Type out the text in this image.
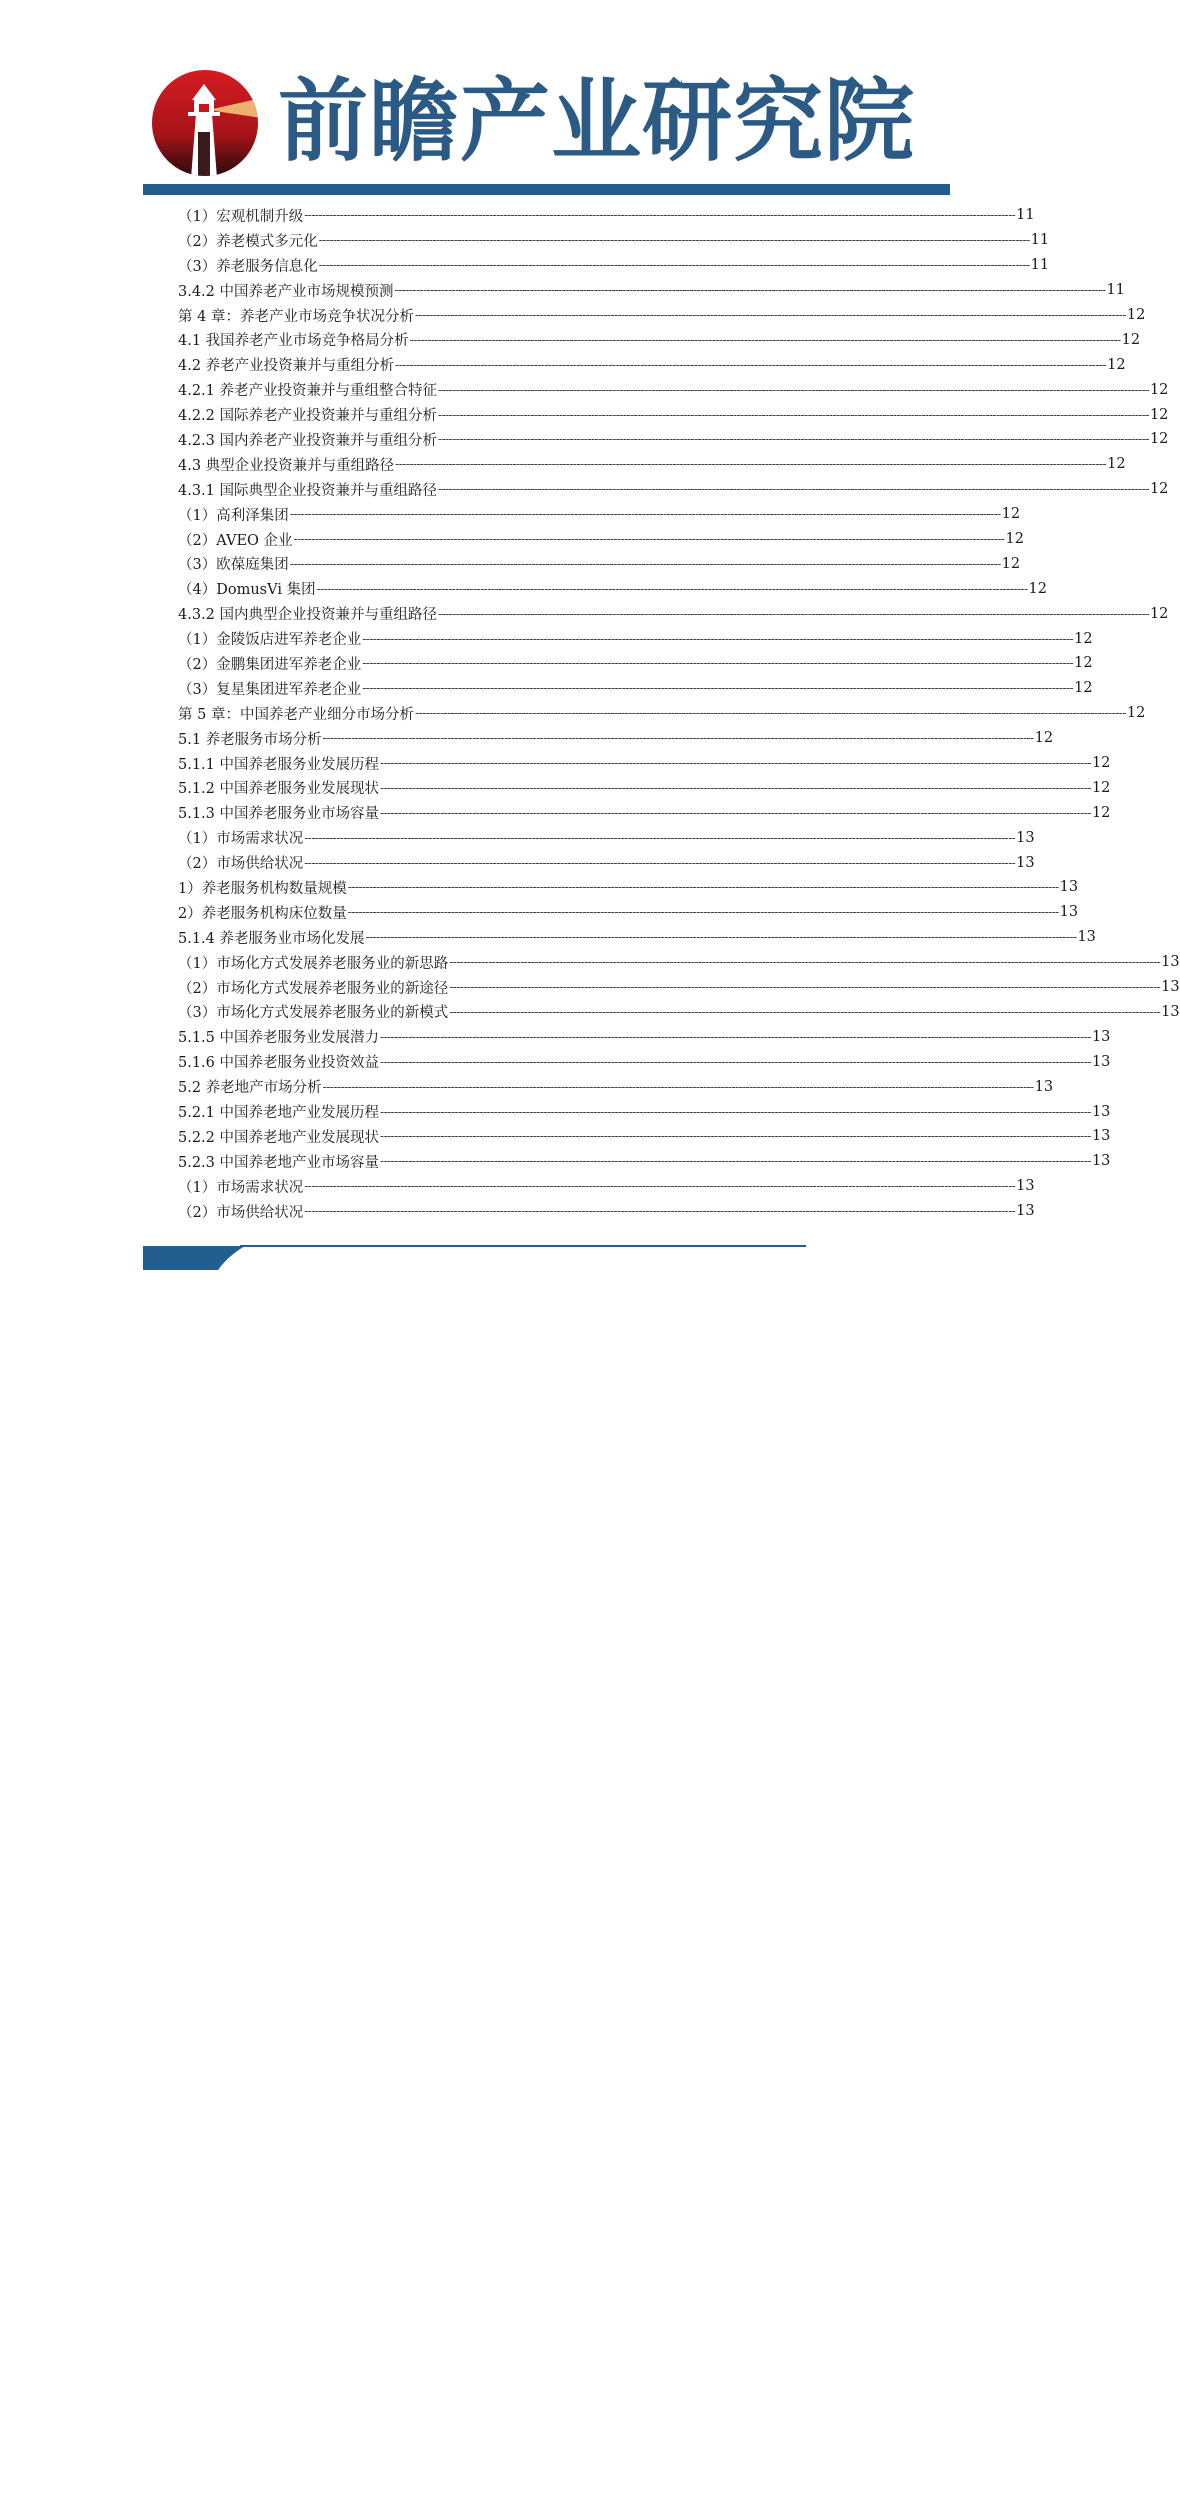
前瞻产业研究院
（1）宏观机制升级 -------------------------------------------------------------------------------------------------------------------------------------------------------------------------------------------------------- 11
（2）养老模式多元化 -------------------------------------------------------------------------------------------------------------------------------------------------------------------------------------------------------- 11
（3）养老服务信息化 -------------------------------------------------------------------------------------------------------------------------------------------------------------------------------------------------------- 11
3.4.2 中国养老产业市场规模预测 -------------------------------------------------------------------------------------------------------------------------------------------------------------------------------------------------------- 11
第 4 章：养老产业市场竞争状况分析 -------------------------------------------------------------------------------------------------------------------------------------------------------------------------------------------------------- 12
4.1 我国养老产业市场竞争格局分析 -------------------------------------------------------------------------------------------------------------------------------------------------------------------------------------------------------- 12
4.2 养老产业投资兼并与重组分析 -------------------------------------------------------------------------------------------------------------------------------------------------------------------------------------------------------- 12
4.2.1 养老产业投资兼并与重组整合特征 -------------------------------------------------------------------------------------------------------------------------------------------------------------------------------------------------------- 12
4.2.2 国际养老产业投资兼并与重组分析 -------------------------------------------------------------------------------------------------------------------------------------------------------------------------------------------------------- 12
4.2.3 国内养老产业投资兼并与重组分析 -------------------------------------------------------------------------------------------------------------------------------------------------------------------------------------------------------- 12
4.3 典型企业投资兼并与重组路径 -------------------------------------------------------------------------------------------------------------------------------------------------------------------------------------------------------- 12
4.3.1 国际典型企业投资兼并与重组路径 -------------------------------------------------------------------------------------------------------------------------------------------------------------------------------------------------------- 12
（1）高利泽集团 -------------------------------------------------------------------------------------------------------------------------------------------------------------------------------------------------------- 12
（2）AVEO 企业 -------------------------------------------------------------------------------------------------------------------------------------------------------------------------------------------------------- 12
（3）欧葆庭集团 -------------------------------------------------------------------------------------------------------------------------------------------------------------------------------------------------------- 12
（4）DomusVi 集团 -------------------------------------------------------------------------------------------------------------------------------------------------------------------------------------------------------- 12
4.3.2 国内典型企业投资兼并与重组路径 -------------------------------------------------------------------------------------------------------------------------------------------------------------------------------------------------------- 12
（1）金陵饭店进军养老企业 -------------------------------------------------------------------------------------------------------------------------------------------------------------------------------------------------------- 12
（2）金鹏集团进军养老企业 -------------------------------------------------------------------------------------------------------------------------------------------------------------------------------------------------------- 12
（3）复星集团进军养老企业 -------------------------------------------------------------------------------------------------------------------------------------------------------------------------------------------------------- 12
第 5 章：中国养老产业细分市场分析 -------------------------------------------------------------------------------------------------------------------------------------------------------------------------------------------------------- 12
5.1 养老服务市场分析 -------------------------------------------------------------------------------------------------------------------------------------------------------------------------------------------------------- 12
5.1.1 中国养老服务业发展历程 -------------------------------------------------------------------------------------------------------------------------------------------------------------------------------------------------------- 12
5.1.2 中国养老服务业发展现状 -------------------------------------------------------------------------------------------------------------------------------------------------------------------------------------------------------- 12
5.1.3 中国养老服务业市场容量 -------------------------------------------------------------------------------------------------------------------------------------------------------------------------------------------------------- 12
（1）市场需求状况 -------------------------------------------------------------------------------------------------------------------------------------------------------------------------------------------------------- 13
（2）市场供给状况 -------------------------------------------------------------------------------------------------------------------------------------------------------------------------------------------------------- 13
1）养老服务机构数量规模 -------------------------------------------------------------------------------------------------------------------------------------------------------------------------------------------------------- 13
2）养老服务机构床位数量 -------------------------------------------------------------------------------------------------------------------------------------------------------------------------------------------------------- 13
5.1.4 养老服务业市场化发展 -------------------------------------------------------------------------------------------------------------------------------------------------------------------------------------------------------- 13
（1）市场化方式发展养老服务业的新思路 -------------------------------------------------------------------------------------------------------------------------------------------------------------------------------------------------------- 13
（2）市场化方式发展养老服务业的新途径 -------------------------------------------------------------------------------------------------------------------------------------------------------------------------------------------------------- 13
（3）市场化方式发展养老服务业的新模式 -------------------------------------------------------------------------------------------------------------------------------------------------------------------------------------------------------- 13
5.1.5 中国养老服务业发展潜力 -------------------------------------------------------------------------------------------------------------------------------------------------------------------------------------------------------- 13
5.1.6 中国养老服务业投资效益 -------------------------------------------------------------------------------------------------------------------------------------------------------------------------------------------------------- 13
5.2 养老地产市场分析 -------------------------------------------------------------------------------------------------------------------------------------------------------------------------------------------------------- 13
5.2.1 中国养老地产业发展历程 -------------------------------------------------------------------------------------------------------------------------------------------------------------------------------------------------------- 13
5.2.2 中国养老地产业发展现状 -------------------------------------------------------------------------------------------------------------------------------------------------------------------------------------------------------- 13
5.2.3 中国养老地产业市场容量 -------------------------------------------------------------------------------------------------------------------------------------------------------------------------------------------------------- 13
（1）市场需求状况 -------------------------------------------------------------------------------------------------------------------------------------------------------------------------------------------------------- 13
（2）市场供给状况 -------------------------------------------------------------------------------------------------------------------------------------------------------------------------------------------------------- 13
2
